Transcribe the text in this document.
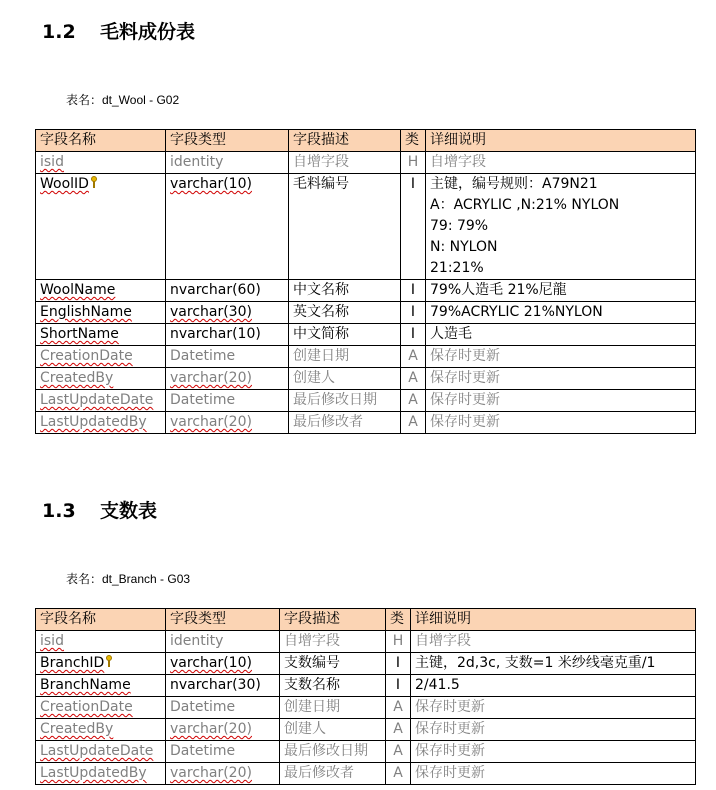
1.2 毛料成份表
表名：dt_Wool - G02
字段名称	字段类型	字段描述	类	详细说明
isid	identity	自增字段	H	自增字段

WoolID	varchar(10)	毛料编号	I	主键，编号规则：A79N21
A：ACRYLIC ,N:21% NYLON
79: 79%
N: NYLON
21:21%

WoolName	nvarchar(60)	中文名称	I	79%人造毛 21%尼龍

EnglishName	varchar(30)	英文名称	I	79%ACRYLIC 21%NYLON

ShortName	nvarchar(10)	中文简称	I	人造毛

CreationDate	Datetime	创建日期	A	保存时更新

CreatedBy	varchar(20)	创建人	A	保存时更新

LastUpdateDate	Datetime	最后修改日期	A	保存时更新

LastUpdatedBy	varchar(20)	最后修改者	A	保存时更新
1.3 支数表
表名：dt_Branch - G03
字段名称	字段类型	字段描述	类	详细说明
isid	identity	自增字段	H	自增字段

BranchID	varchar(10)	支数编号	I	主键，2d,3c, 支数=1 米纱线毫克重/1

BranchName	nvarchar(30)	支数名称	I	2/41.5

CreationDate	Datetime	创建日期	A	保存时更新

CreatedBy	varchar(20)	创建人	A	保存时更新

LastUpdateDate	Datetime	最后修改日期	A	保存时更新

LastUpdatedBy	varchar(20)	最后修改者	A	保存时更新
